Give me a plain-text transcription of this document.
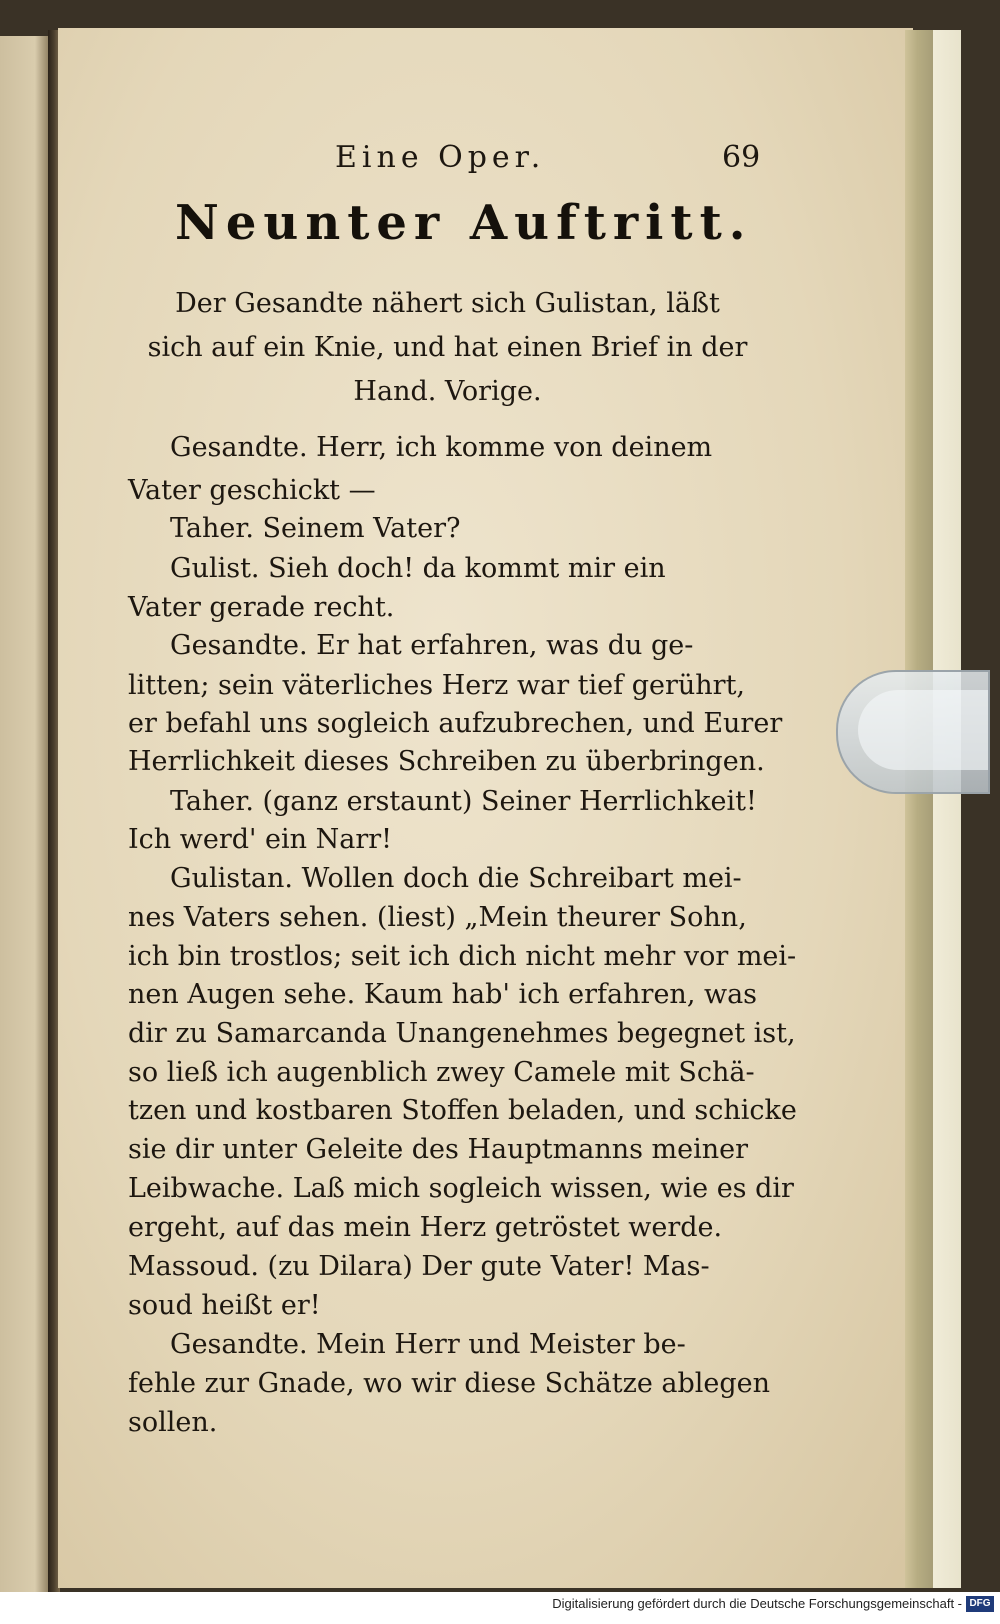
Eine Oper.	69
Neunter Auftritt.
Der Gesandte nähert sich Gulistan, läßt
sich auf ein Knie, und hat einen Brief in der
Hand. Vorige.
Gesandte. Herr, ich komme von deinem
Vater geschickt —
Taher. Seinem Vater?
Gulist. Sieh doch! da kommt mir ein
Vater gerade recht.
Gesandte. Er hat erfahren, was du ge-
litten; sein väterliches Herz war tief gerührt,
er befahl uns sogleich aufzubrechen, und Eurer
Herrlichkeit dieses Schreiben zu überbringen.
Taher. (ganz erstaunt) Seiner Herrlichkeit!
Ich werd' ein Narr!
Gulistan. Wollen doch die Schreibart mei-
nes Vaters sehen. (liest) „Mein theurer Sohn,
ich bin trostlos; seit ich dich nicht mehr vor mei-
nen Augen sehe. Kaum hab' ich erfahren, was
dir zu Samarcanda Unangenehmes begegnet ist,
so ließ ich augenblich zwey Camele mit Schä-
tzen und kostbaren Stoffen beladen, und schicke
sie dir unter Geleite des Hauptmanns meiner
Leibwache. Laß mich sogleich wissen, wie es dir
ergeht, auf das mein Herz getröstet werde.
Massoud. (zu Dilara) Der gute Vater! Mas-
soud heißt er!
Gesandte. Mein Herr und Meister be-
fehle zur Gnade, wo wir diese Schätze ablegen
sollen.
Digitalisierung gefördert durch die Deutsche Forschungsgemeinschaft - DFG
